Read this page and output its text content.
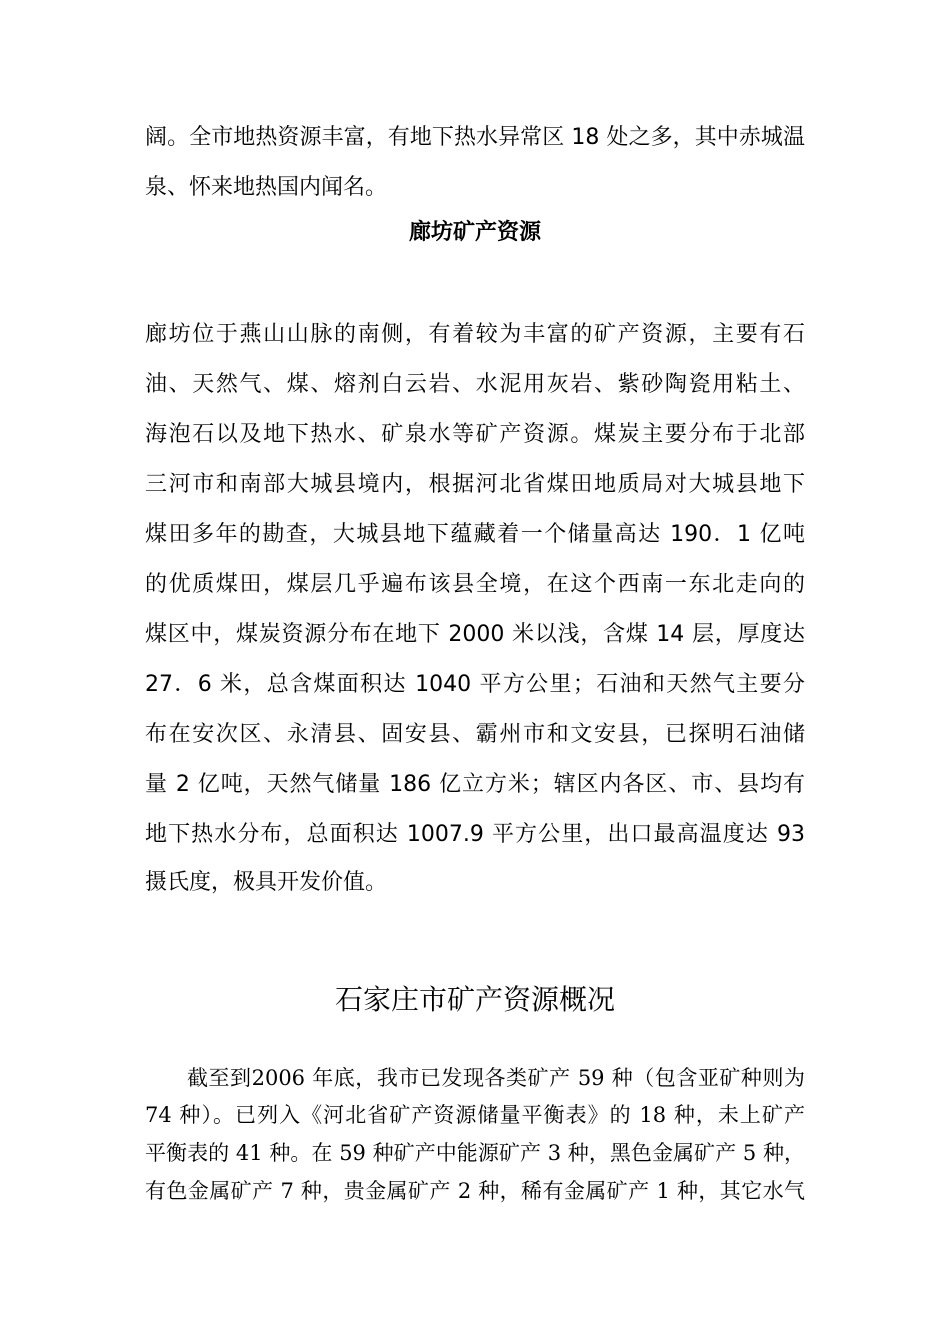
阔。全市地热资源丰富，有地下热水异常区 18 处之多，其中赤城温
泉、怀来地热国内闻名。
廊坊矿产资源
廊坊位于燕山山脉的南侧，有着较为丰富的矿产资源，主要有石
油、天然气、煤、熔剂白云岩、水泥用灰岩、紫砂陶瓷用粘土、
海泡石以及地下热水、矿泉水等矿产资源。煤炭主要分布于北部
三河市和南部大城县境内，根据河北省煤田地质局对大城县地下
煤田多年的勘查，大城县地下蕴藏着一个储量高达 190．1 亿吨
的优质煤田，煤层几乎遍布该县全境，在这个西南一东北走向的
煤区中，煤炭资源分布在地下 2000 米以浅，含煤 14 层，厚度达
27．6 米，总含煤面积达 1040 平方公里；石油和天然气主要分
布在安次区、永清县、固安县、霸州市和文安县，已探明石油储
量 2 亿吨，天然气储量 186 亿立方米；辖区内各区、市、县均有
地下热水分布，总面积达 1007.9 平方公里，出口最高温度达 93
摄氏度，极具开发价值。
石家庄市矿产资源概况
截至到2006 年底，我市已发现各类矿产 59 种（包含亚矿种则为
74 种）。已列入《河北省矿产资源储量平衡表》的 18 种，未上矿产
平衡表的 41 种。在 59 种矿产中能源矿产 3 种，黑色金属矿产 5 种，
有色金属矿产 7 种，贵金属矿产 2 种，稀有金属矿产 1 种，其它水气
